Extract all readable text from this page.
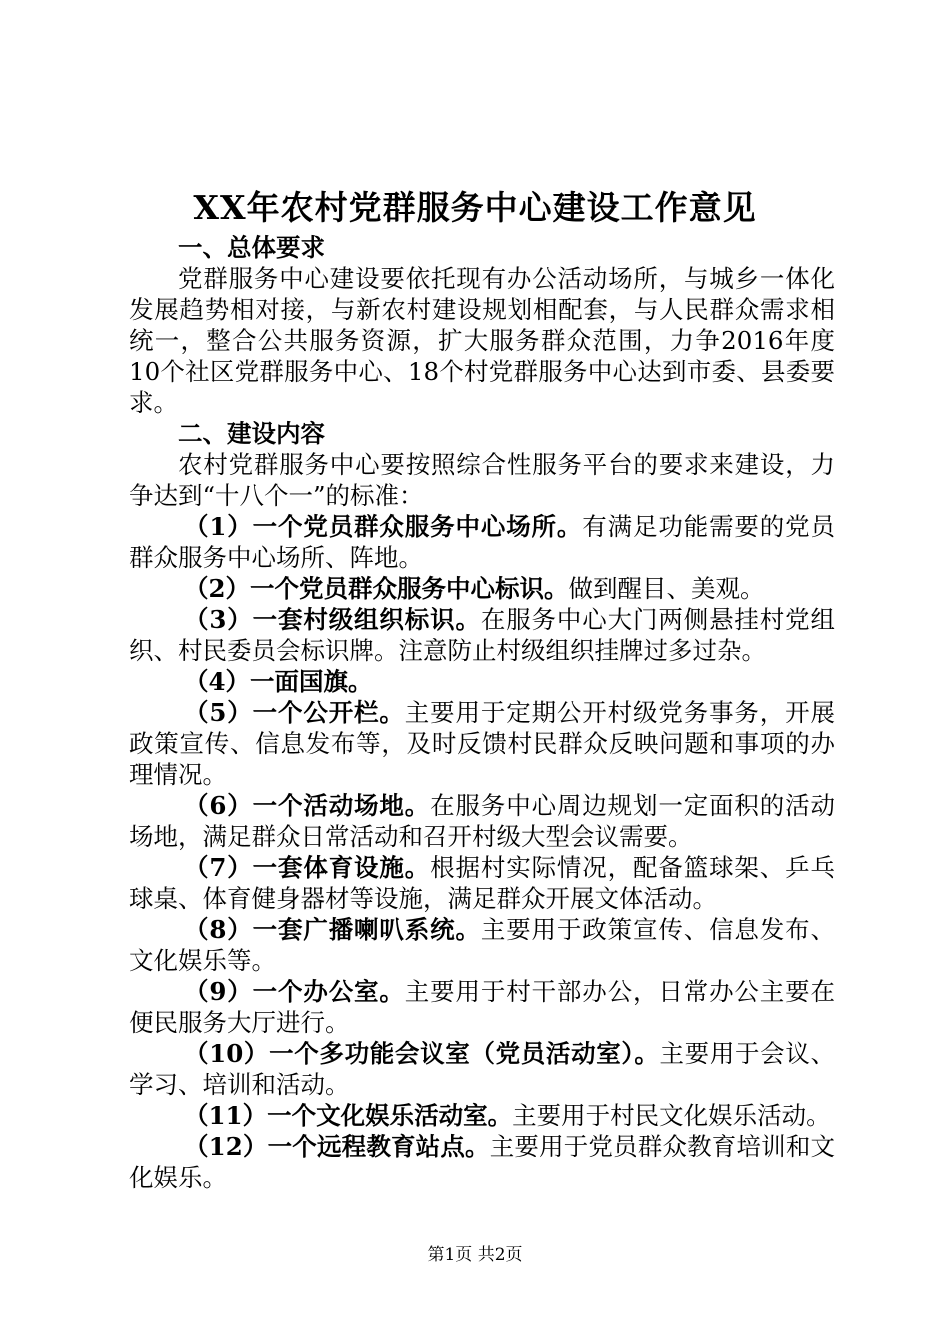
XX年农村党群服务中心建设工作意见
一、总体要求

党群服务中心建设要依托现有办公活动场所，与城乡一体化发展趋势相对接，与新农村建设规划相配套，与人民群众需求相统一，整合公共服务资源，扩大服务群众范围，力争2016年度10个社区党群服务中心、18个村党群服务中心达到市委、县委要求。

二、建设内容

农村党群服务中心要按照综合性服务平台的要求来建设，力争达到“十八个一”的标准：

（1）一个党员群众服务中心场所。有满足功能需要的党员群众服务中心场所、阵地。

（2）一个党员群众服务中心标识。做到醒目、美观。

（3）一套村级组织标识。在服务中心大门两侧悬挂村党组织、村民委员会标识牌。注意防止村级组织挂牌过多过杂。

（4）一面国旗。

（5）一个公开栏。主要用于定期公开村级党务事务，开展政策宣传、信息发布等，及时反馈村民群众反映问题和事项的办理情况。

（6）一个活动场地。在服务中心周边规划一定面积的活动场地，满足群众日常活动和召开村级大型会议需要。

（7）一套体育设施。根据村实际情况，配备篮球架、乒乓球桌、体育健身器材等设施，满足群众开展文体活动。

（8）一套广播喇叭系统。主要用于政策宣传、信息发布、文化娱乐等。

（9）一个办公室。主要用于村干部办公，日常办公主要在便民服务大厅进行。

（10）一个多功能会议室（党员活动室）。主要用于会议、学习、培训和活动。

（11）一个文化娱乐活动室。主要用于村民文化娱乐活动。

（12）一个远程教育站点。主要用于党员群众教育培训和文化娱乐。

第1页 共2页
